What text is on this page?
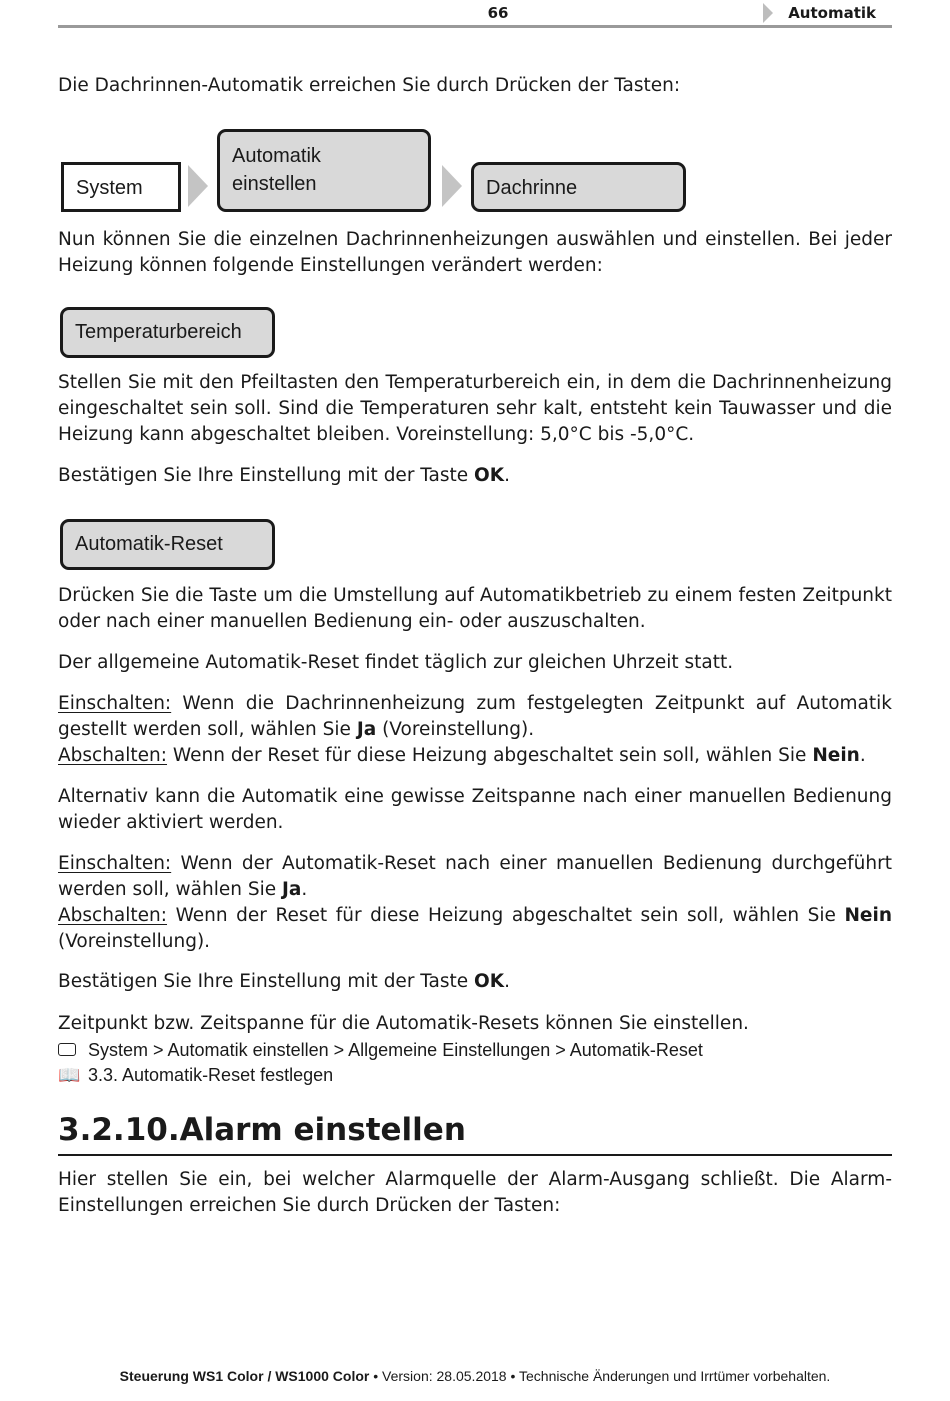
66	Automatik
Die Dachrinnen-Automatik erreichen Sie durch Drücken der Tasten:
System
Automatik
einstellen	Dachrinne
Nun können Sie die einzelnen Dachrinnenheizungen auswählen und einstellen. Bei jeder Heizung können folgende Einstellungen verändert werden:
Temperaturbereich
Stellen Sie mit den Pfeiltasten den Temperaturbereich ein, in dem die Dachrinnenheizung eingeschaltet sein soll. Sind die Temperaturen sehr kalt, entsteht kein Tauwasser und die Heizung kann abgeschaltet bleiben. Voreinstellung: 5,0°C bis -5,0°C.
Bestätigen Sie Ihre Einstellung mit der Taste OK.
Automatik-Reset
Drücken Sie die Taste um die Umstellung auf Automatikbetrieb zu einem festen Zeitpunkt oder nach einer manuellen Bedienung ein- oder auszuschalten.
Der allgemeine Automatik-Reset findet täglich zur gleichen Uhrzeit statt.
Einschalten: Wenn die Dachrinnenheizung zum festgelegten Zeitpunkt auf Automatik gestellt werden soll, wählen Sie Ja (Voreinstellung).
Abschalten: Wenn der Reset für diese Heizung abgeschaltet sein soll, wählen Sie Nein.
Alternativ kann die Automatik eine gewisse Zeitspanne nach einer manuellen Bedienung wieder aktiviert werden.
Einschalten: Wenn der Automatik-Reset nach einer manuellen Bedienung durchgeführt werden soll, wählen Sie Ja.
Abschalten: Wenn der Reset für diese Heizung abgeschaltet sein soll, wählen Sie Nein (Voreinstellung).
Bestätigen Sie Ihre Einstellung mit der Taste OK.
Zeitpunkt bzw. Zeitspanne für die Automatik-Resets können Sie einstellen.
System > Automatik einstellen > Allgemeine Einstellungen > Automatik-Reset
📖 3.3. Automatik-Reset festlegen
3.2.10.Alarm einstellen
Hier stellen Sie ein, bei welcher Alarmquelle der Alarm-Ausgang schließt. Die Alarm-Einstellungen erreichen Sie durch Drücken der Tasten:
Steuerung WS1 Color / WS1000 Color • Version: 28.05.2018 • Technische Änderungen und Irrtümer vorbehalten.
